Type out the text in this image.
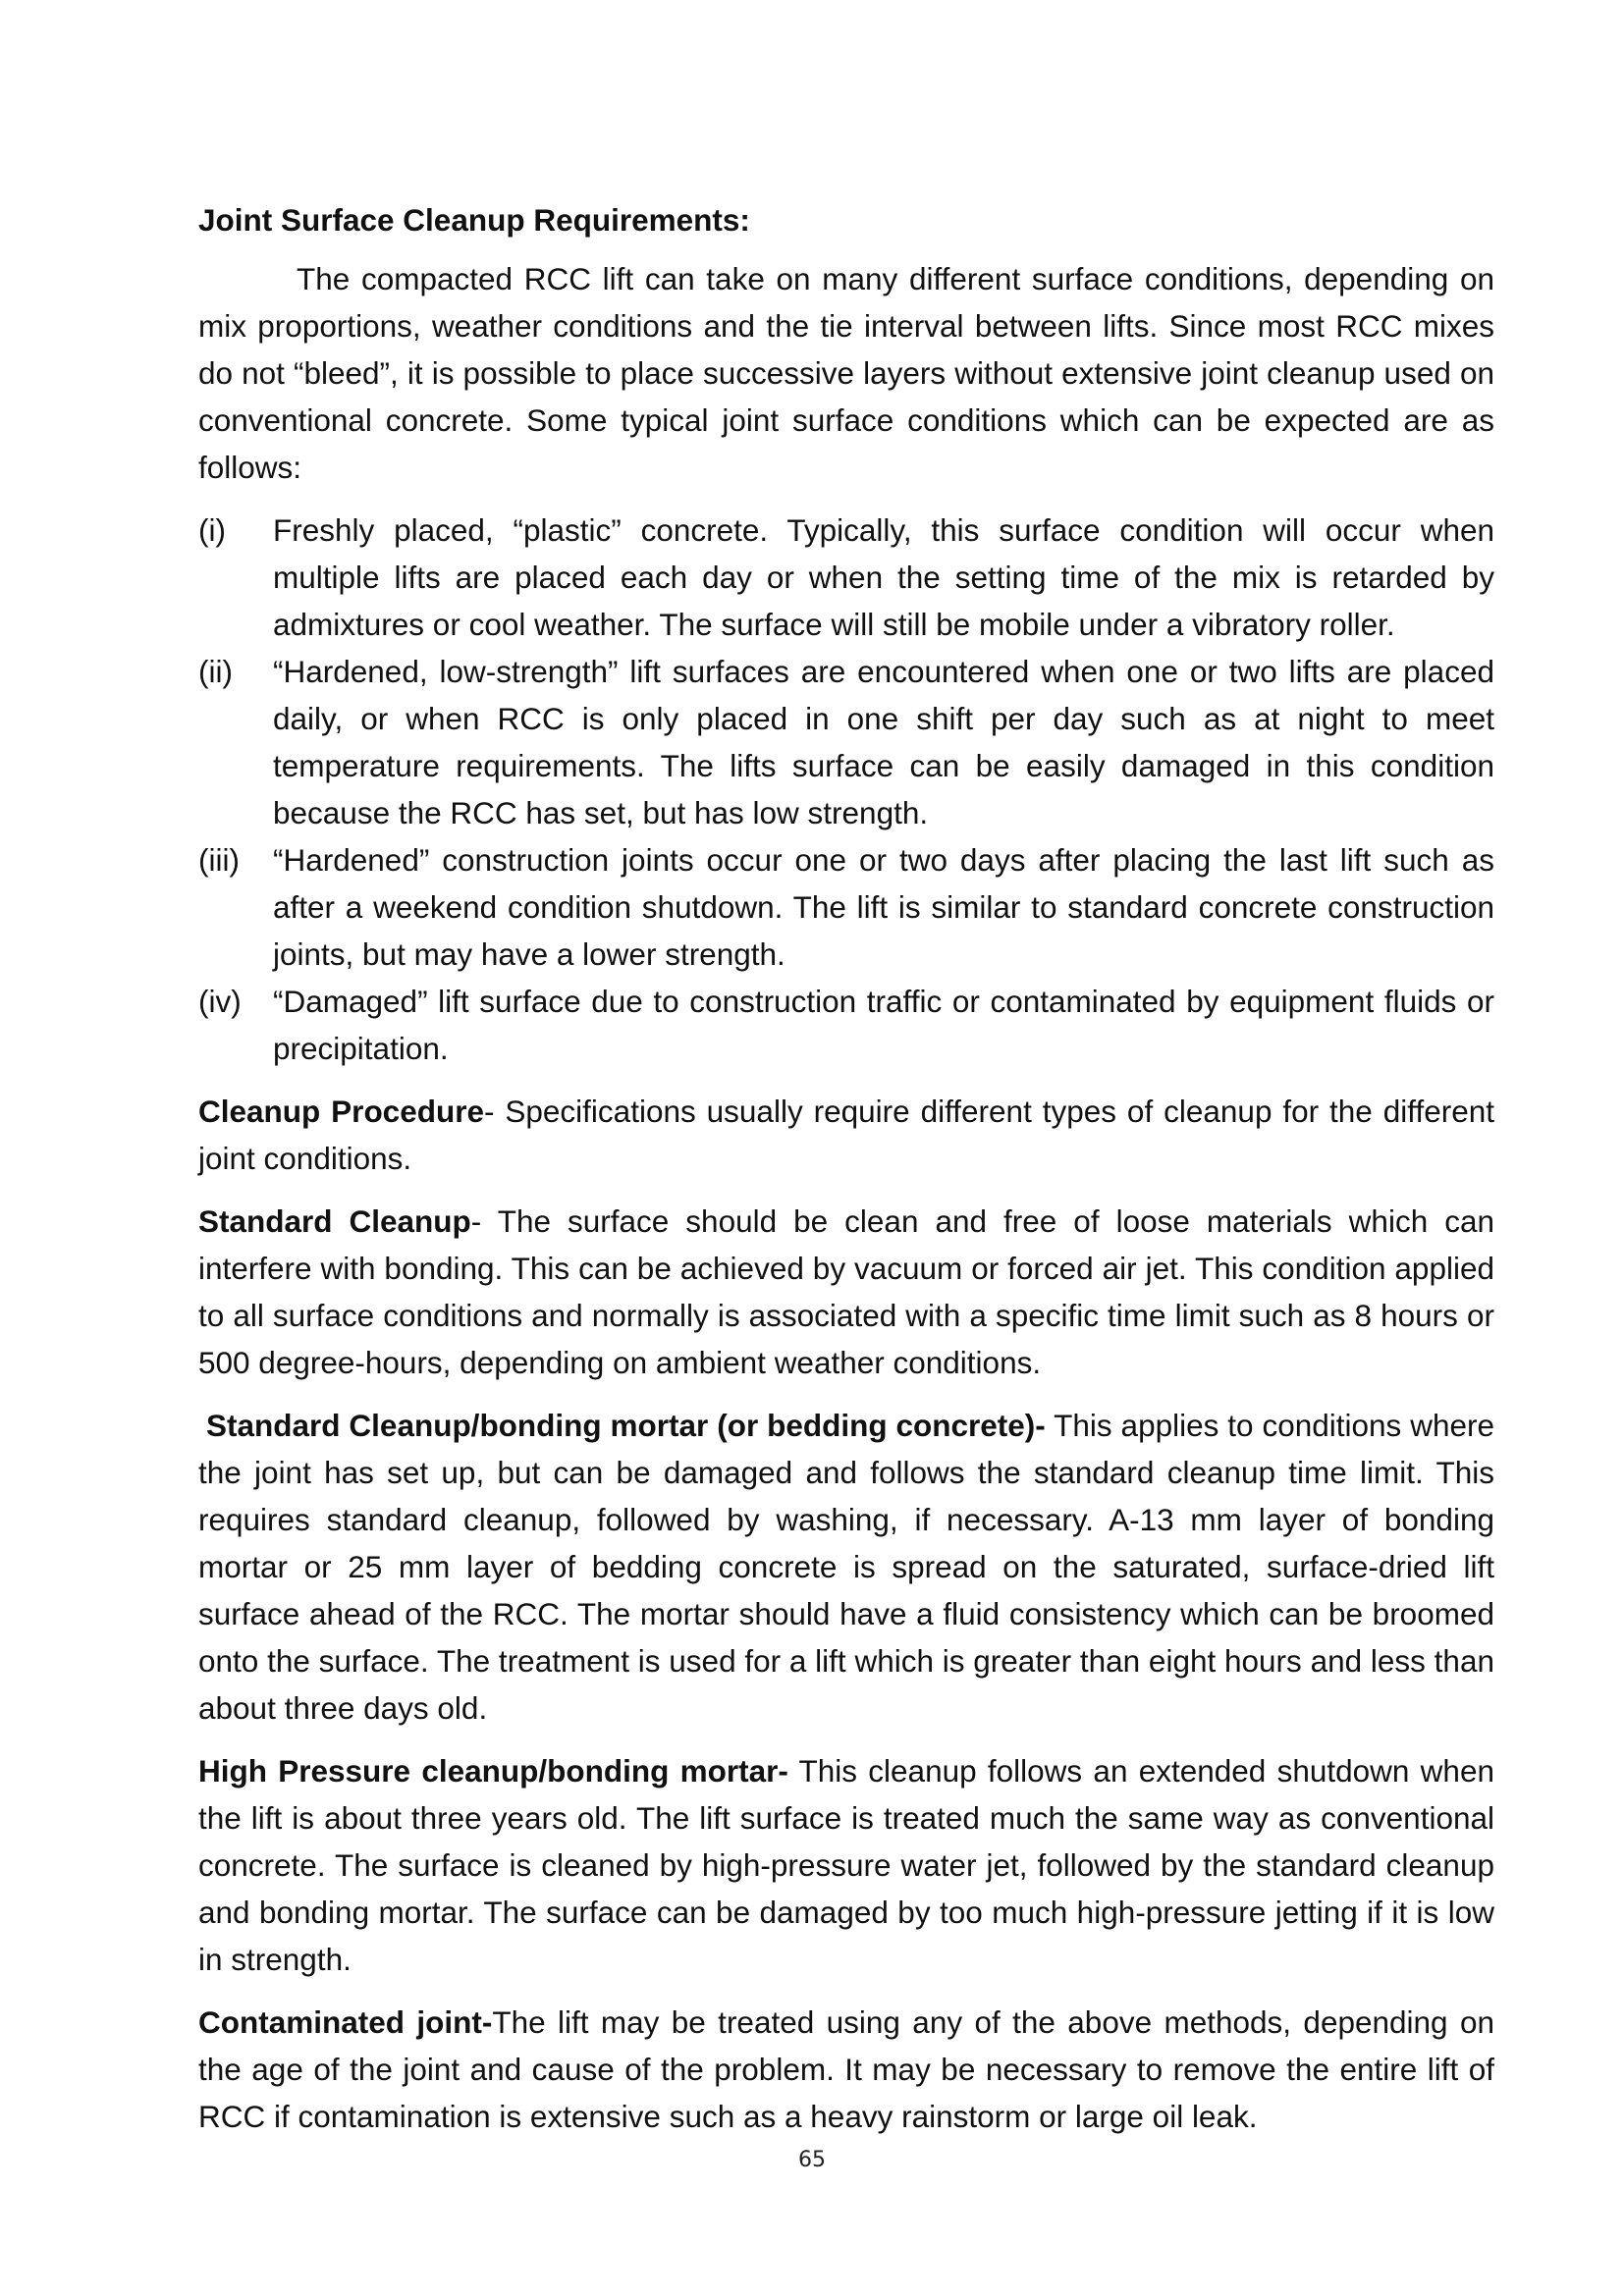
Joint Surface Cleanup Requirements:
The compacted RCC lift can take on many different surface conditions, depending on mix proportions, weather conditions and the tie interval between lifts. Since most RCC mixes do not “bleed”, it is possible to place successive layers without extensive joint cleanup used on conventional concrete. Some typical joint surface conditions which can be expected are as follows:
(i)	Freshly placed, “plastic” concrete. Typically, this surface condition will occur when multiple lifts are placed each day or when the setting time of the mix is retarded by admixtures or cool weather. The surface will still be mobile under a vibratory roller.
(ii)	“Hardened, low-strength” lift surfaces are encountered when one or two lifts are placed daily, or when RCC is only placed in one shift per day such as at night to meet temperature requirements. The lifts surface can be easily damaged in this condition because the RCC has set, but has low strength.
(iii)	“Hardened” construction joints occur one or two days after placing the last lift such as after a weekend condition shutdown. The lift is similar to standard concrete construction joints, but may have a lower strength.
(iv)	“Damaged” lift surface due to construction traffic or contaminated by equipment fluids or precipitation.
Cleanup Procedure- Specifications usually require different types of cleanup for the different joint conditions.
Standard Cleanup- The surface should be clean and free of loose materials which can interfere with bonding. This can be achieved by vacuum or forced air jet. This condition applied to all surface conditions and normally is associated with a specific time limit such as 8 hours or 500 degree-hours, depending on ambient weather conditions.
Standard Cleanup/bonding mortar (or bedding concrete)- This applies to conditions where the joint has set up, but can be damaged and follows the standard cleanup time limit. This requires standard cleanup, followed by washing, if necessary. A-13 mm layer of bonding mortar or 25 mm layer of bedding concrete is spread on the saturated, surface-dried lift surface ahead of the RCC. The mortar should have a fluid consistency which can be broomed onto the surface. The treatment is used for a lift which is greater than eight hours and less than about three days old.
High Pressure cleanup/bonding mortar- This cleanup follows an extended shutdown when the lift is about three years old. The lift surface is treated much the same way as conventional concrete. The surface is cleaned by high-pressure water jet, followed by the standard cleanup and bonding mortar. The surface can be damaged by too much high-pressure jetting if it is low in strength.
Contaminated joint-The lift may be treated using any of the above methods, depending on the age of the joint and cause of the problem. It may be necessary to remove the entire lift of RCC if contamination is extensive such as a heavy rainstorm or large oil leak.
65
